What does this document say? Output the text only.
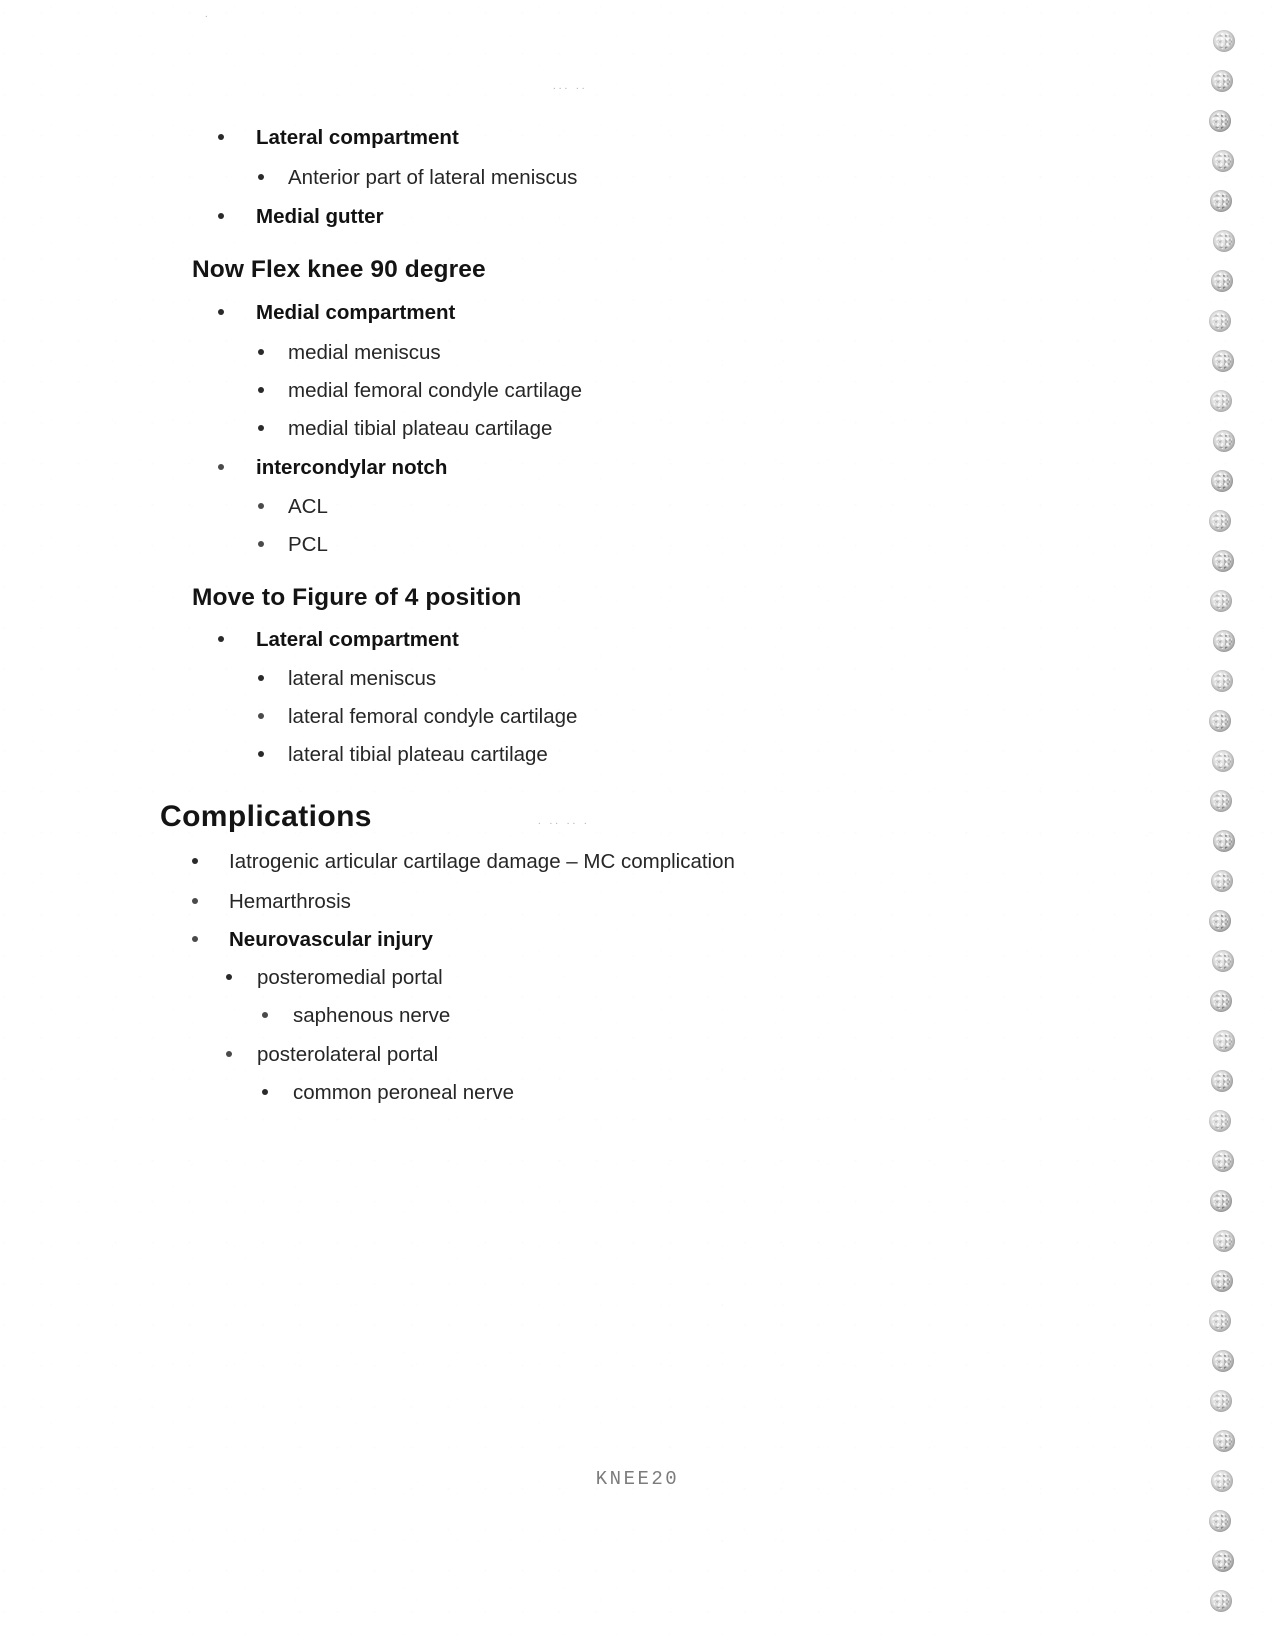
.
... ..
. .. .. .
Lateral compartment
Anterior part of lateral meniscus
Medial gutter
Now Flex knee 90 degree
Medial compartment
medial meniscus
medial femoral condyle cartilage
medial tibial plateau cartilage
intercondylar notch
ACL
PCL
Move to Figure of 4 position
Lateral compartment
lateral meniscus
lateral femoral condyle cartilage
lateral tibial plateau cartilage
Complications
Iatrogenic articular cartilage damage – MC complication
Hemarthrosis
Neurovascular injury
posteromedial portal
saphenous nerve
posterolateral portal
common peroneal nerve
KNEE20
